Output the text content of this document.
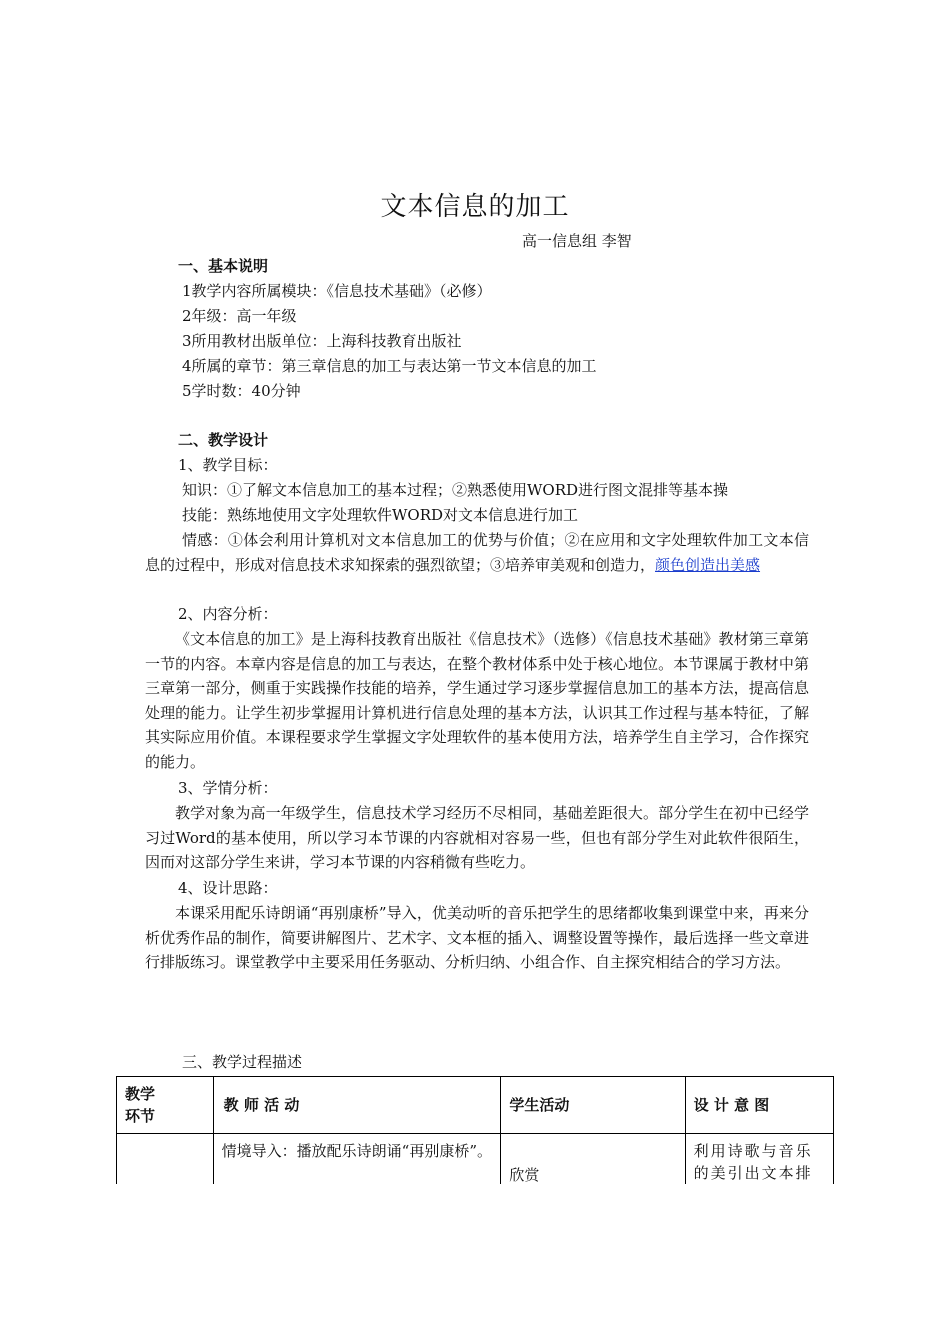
文本信息的加工
高一信息组 李智
一、基本说明
1教学内容所属模块：《信息技术基础》（必修）
2年级：高一年级
3所用教材出版单位：上海科技教育出版社
4所属的章节：第三章信息的加工与表达第一节文本信息的加工
5学时数：40分钟
二、教学设计
1、教学目标：
知识：①了解文本信息加工的基本过程；②熟悉使用WORD进行图文混排等基本操
技能：熟练地使用文字处理软件WORD对文本信息进行加工
情感：①体会利用计算机对文本信息加工的优势与价值；②在应用和文字处理软件加工文本信息的过程中，形成对信息技术求知探索的强烈欲望；③培养审美观和创造力，颜色创造出美感
2、内容分析：
《文本信息的加工》是上海科技教育出版社《信息技术》（选修）《信息技术基础》教材第三章第一节的内容。本章内容是信息的加工与表达，在整个教材体系中处于核心地位。本节课属于教材中第三章第一部分，侧重于实践操作技能的培养，学生通过学习逐步掌握信息加工的基本方法，提高信息处理的能力。让学生初步掌握用计算机进行信息处理的基本方法，认识其工作过程与基本特征，了解其实际应用价值。本课程要求学生掌握文字处理软件的基本使用方法，培养学生自主学习，合作探究的能力。
3、学情分析：
教学对象为高一年级学生，信息技术学习经历不尽相同，基础差距很大。部分学生在初中已经学习过Word的基本使用，所以学习本节课的内容就相对容易一些，但也有部分学生对此软件很陌生，因而对这部分学生来讲，学习本节课的内容稍微有些吃力。
4、设计思路：
本课采用配乐诗朗诵“再别康桥”导入，优美动听的音乐把学生的思绪都收集到课堂中来，再来分析优秀作品的制作，简要讲解图片、艺术字、文本框的插入、调整设置等操作，最后选择一些文章进行排版练习。课堂教学中主要采用任务驱动、分析归纳、小组合作、自主探究相结合的学习方法。
三、教学过程描述
教学
环节	教 师 活 动	学生活动	设 计 意 图
	情境导入：播放配乐诗朗诵“再别康桥”。	欣赏	利用诗歌与音乐的美引出文本排
